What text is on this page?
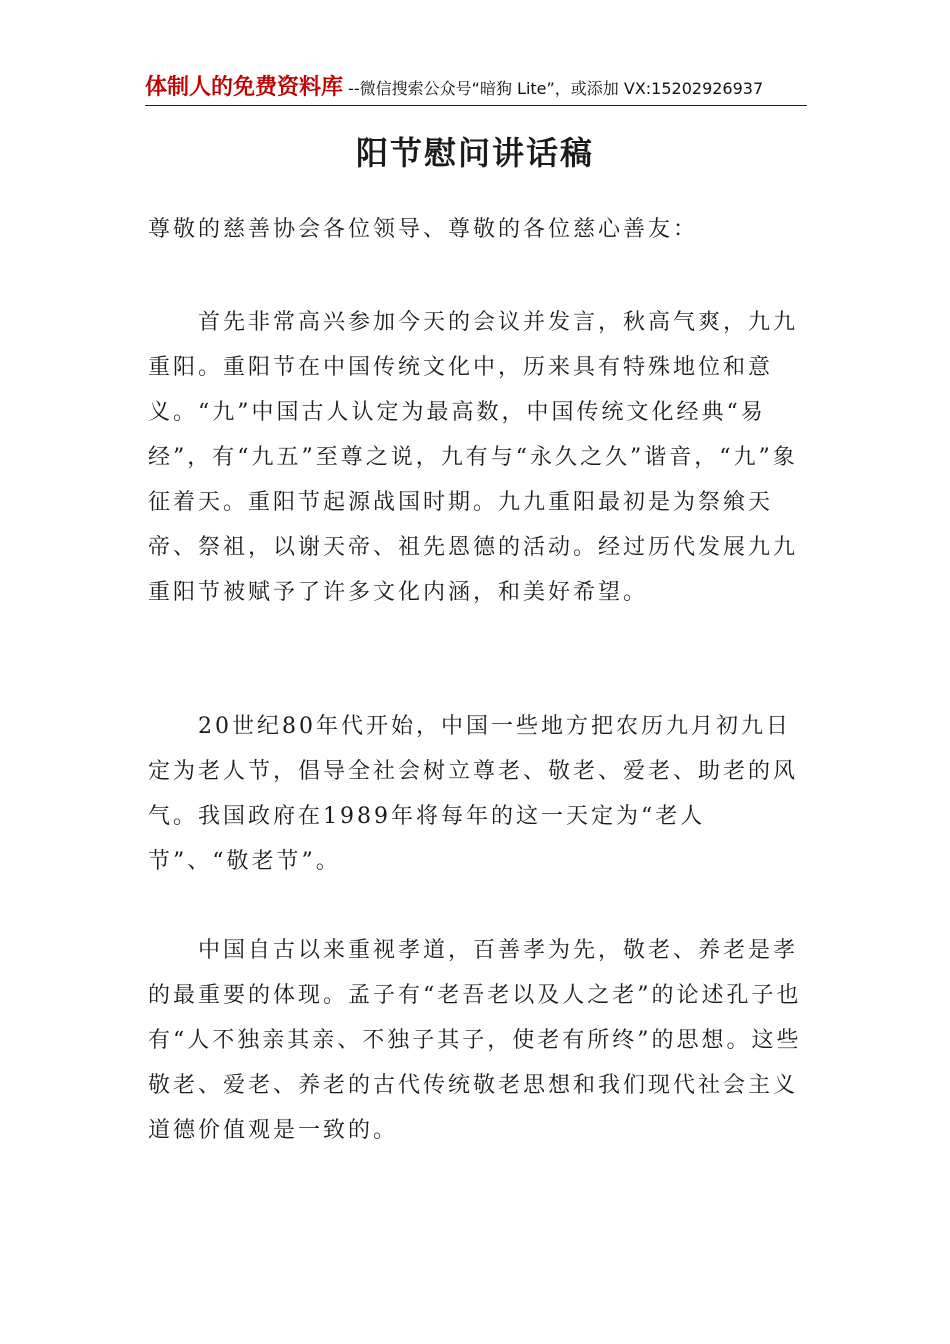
体制人的免费资料库 --微信搜索公众号“暗狗 Lite”，或添加 VX:15202926937
阳节慰问讲话稿
尊敬的慈善协会各位领导、尊敬的各位慈心善友：

首先非常高兴参加今天的会议并发言，秋高气爽，九九重阳。重阳节在中国传统文化中，历来具有特殊地位和意义。“九”中国古人认定为最高数，中国传统文化经典“易经”，有“九五”至尊之说，九有与“永久之久”谐音，“九”象征着天。重阳节起源战国时期。九九重阳最初是为祭飨天帝、祭祖，以谢天帝、祖先恩德的活动。经过历代发展九九重阳节被赋予了许多文化内涵，和美好希望。

20世纪80年代开始，中国一些地方把农历九月初九日定为老人节，倡导全社会树立尊老、敬老、爱老、助老的风气。我国政府在1989年将每年的这一天定为“老人节”、“敬老节”。

中国自古以来重视孝道，百善孝为先，敬老、养老是孝的最重要的体现。孟子有“老吾老以及人之老”的论述孔子也有“人不独亲其亲、不独子其子，使老有所终”的思想。这些敬老、爱老、养老的古代传统敬老思想和我们现代社会主义道德价值观是一致的。
